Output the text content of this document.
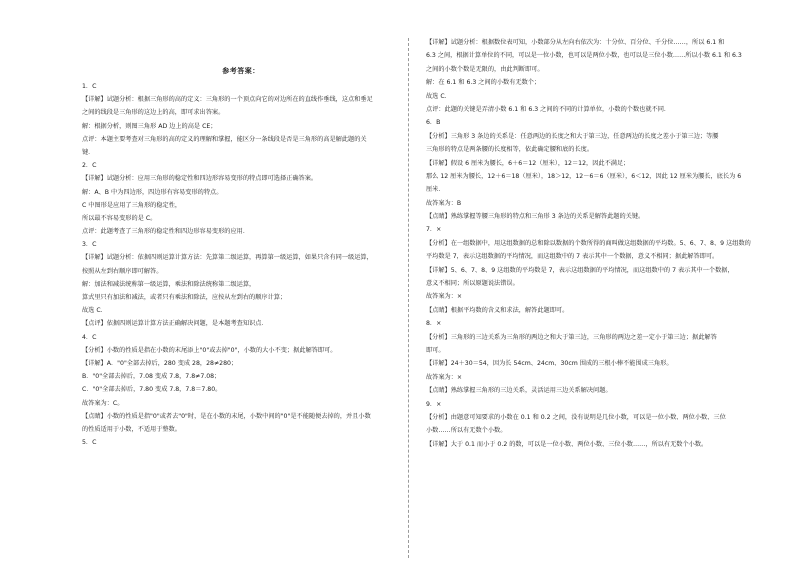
参考答案：
1．C
【详解】试题分析：根据三角形的高的定义：三角形的一个顶点向它的对边所在的直线作垂线，这点和垂足
之间的线段是三角形的这边上的高，即可求出答案。
解：根据分析，则图三角形 AD 边上的高是 CE；
点评：本题主要考查对三角形的高的定义的理解和掌握，能区分一条线段是否是三角形的高是解此题的关
键．
2．C
【详解】试题分析：应用三角形的稳定性和四边形容易变形的特点即可选择正确答案。
解：A、B 中为四边形，四边形有容易变形的特点。
C 中图形是应用了三角形的稳定性，
所以最不容易变形的是 C。
点评：此题考查了三角形的稳定性和四边形容易变形的应用．
3．C
【详解】试题分析：依据四则运算计算方法：先算第二级运算，再算第一级运算，如果只含有同一级运算，
按照从左到右顺序即可解答。
解：加法和减法统称第一级运算，乘法和除法统称第二级运算，
算式里只有加法和减法，或者只有乘法和除法，应按从左到右的顺序计算；
故选 C．
【点评】依据四则运算计算方法正确解决问题，是本题考查知识点．
4．C
【分析】小数的性质是指在小数的末尾添上"0"或去掉"0"，小数的大小不变；据此解答即可。
【详解】A．"0"全部去掉后，280 变成 28，28≠280；
B．"0"全部去掉后，7.08 变成 7.8，7.8≠7.08；
C．"0"全部去掉后，7.80 变成 7.8，7.8＝7.80。
故答案为：C。
【点睛】小数的性质是指"0"或者去"0"时，是在小数的末尾，小数中间的"0"是不能随便去掉的，并且小数
的性质适用于小数，不适用于整数。
5．C
【详解】试题分析：根据数位表可知，小数部分从左向右依次为：十分位、百分位、千分位……，所以 6.1 和
6.3 之间，根据计算单位的不同，可以是一位小数，也可以是两位小数，也可以是三位小数……所以小数 6.1 和 6.3
之间的小数个数是无限的，由此判断即可。
解：在 6.1 和 6.3 之间的小数有无数个；
故选 C．
点评：此题的关键是弄清小数 6.1 和 6.3 之间的不同的计算单位，小数的个数也就不同．
6．B
【分析】三角形 3 条边的关系是：任意两边的长度之和大于第三边，任意两边的长度之差小于第三边；等腰
三角形的特点是两条腰的长度相等，依此确定腰和底的长度。
【详解】假设 6 厘米为腰长，6＋6＝12（厘米），12＝12，因此不满足；
那么 12 厘米为腰长，12＋6＝18（厘米），18＞12，12－6＝6（厘米），6＜12，因此 12 厘米为腰长，底长为 6
厘米．
故答案为：B
【点睛】熟练掌握等腰三角形的特点和三角形 3 条边的关系是解答此题的关键。
7．×
【分析】在一组数据中，用这组数据的总和除以数据的个数所得的商叫做这组数据的平均数。5、6、7、8、9 这组数的
平均数是 7，表示这组数据的平均情况，而这组数中的 7 表示其中一个数据，意义不相同；据此解答即可。
【详解】5、6、7、8、9 这组数的平均数是 7，表示这组数据的平均情况，而这组数中的 7 表示其中一个数据，
意义不相同；所以原题说法错误。
故答案为：×
【点睛】根据平均数的含义和求法，解答此题即可。
8．×
【分析】三角形的三边关系为三角形的两边之和大于第三边，三角形的两边之差一定小于第三边；据此解答
即可。
【详解】24＋30＝54，因为长 54cm、24cm、30cm 围成的三根小棒不能围成三角形。
故答案为：×
【点睛】熟练掌握三角形的三边关系，灵活运用三边关系解决问题。
9．×
【分析】由题意可知要求的小数在 0.1 和 0.2 之间，没有说明是几位小数，可以是一位小数、两位小数、三位
小数……所以有无数个小数。
【详解】大于 0.1 而小于 0.2 的数，可以是一位小数、两位小数、三位小数……，所以有无数个小数。
